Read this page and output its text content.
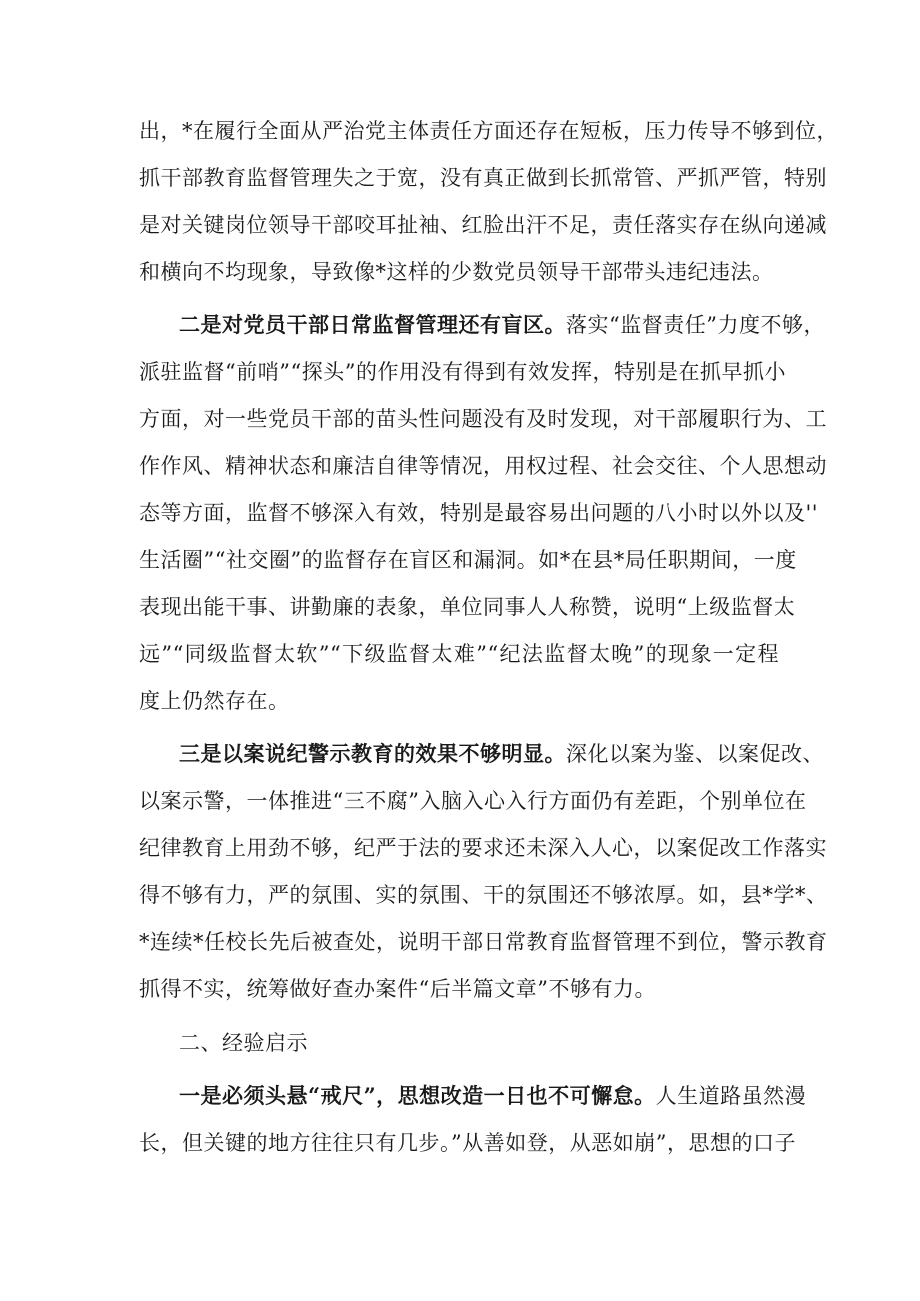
出，*在履行全面从严治党主体责任方面还存在短板，压力传导不够到位，
抓干部教育监督管理失之于宽，没有真正做到长抓常管、严抓严管，特别
是对关键岗位领导干部咬耳扯袖、红脸出汗不足，责任落实存在纵向递减
和横向不均现象，导致像*这样的少数党员领导干部带头违纪违法。
二是对党员干部日常监督管理还有盲区。落实“监督责任”力度不够，
派驻监督“前哨”“探头”的作用没有得到有效发挥，特别是在抓早抓小
方面，对一些党员干部的苗头性问题没有及时发现，对干部履职行为、工
作作风、精神状态和廉洁自律等情况，用权过程、社会交往、个人思想动
态等方面，监督不够深入有效，特别是最容易出问题的八小时以外以及''
生活圈”“社交圈”的监督存在盲区和漏洞。如*在县*局任职期间，一度
表现出能干事、讲勤廉的表象，单位同事人人称赞，说明“上级监督太
远”“同级监督太软”“下级监督太难”“纪法监督太晚”的现象一定程
度上仍然存在。
三是以案说纪警示教育的效果不够明显。深化以案为鉴、以案促改、
以案示警，一体推进“三不腐”入脑入心入行方面仍有差距，个别单位在
纪律教育上用劲不够，纪严于法的要求还未深入人心，以案促改工作落实
得不够有力，严的氛围、实的氛围、干的氛围还不够浓厚。如，县*学*、
*连续*任校长先后被查处，说明干部日常教育监督管理不到位，警示教育
抓得不实，统筹做好查办案件“后半篇文章”不够有力。
二、经验启示
一是必须头悬“戒尺”，思想改造一日也不可懈怠。人生道路虽然漫
长，但关键的地方往往只有几步。”从善如登，从恶如崩”，思想的口子
